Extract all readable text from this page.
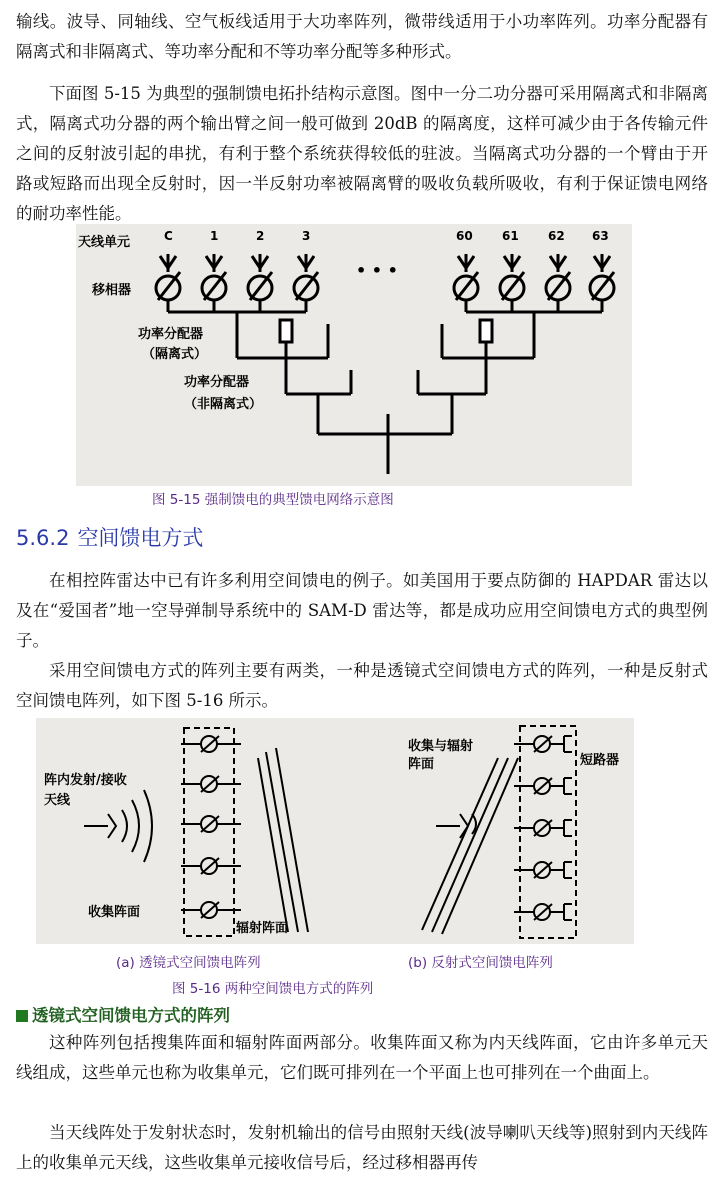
输线。波导、同轴线、空气板线适用于大功率阵列，微带线适用于小功率阵列。功率分配器有隔离式和非隔离式、等功率分配和不等功率分配等多种形式。

下面图 5-15 为典型的强制馈电拓扑结构示意图。图中一分二功分器可采用隔离式和非隔离式，隔离式功分器的两个输出臂之间一般可做到 20dB 的隔离度，这样可减少由于各传输元件之间的反射波引起的串扰，有利于整个系统获得较低的驻波。当隔离式功分器的一个臂由于开路或短路而出现全反射时，因一半反射功率被隔离臂的吸收负载所吸收，有利于保证馈电网络的耐功率性能。

天线单元
移相器
功率分配器
（隔离式）
功率分配器
（非隔离式）
C	1	2	3	60 61 62 63
• • •
图 5-15 强制馈电的典型馈电网络示意图
5.6.2 空间馈电方式

在相控阵雷达中已有许多利用空间馈电的例子。如美国用于要点防御的 HAPDAR 雷达以及在“爱国者”地一空导弹制导系统中的 SAM-D 雷达等，都是成功应用空间馈电方式的典型例子。

采用空间馈电方式的阵列主要有两类，一种是透镜式空间馈电方式的阵列，一种是反射式空间馈电阵列，如下图 5-16 所示。

阵内发射/接收
天线
收集阵面
辐射阵面
收集与辐射
阵面	短路器
(a) 透镜式空间馈电阵列	(b) 反射式空间馈电阵列
图 5-16 两种空间馈电方式的阵列
透镜式空间馈电方式的阵列

这种阵列包括搜集阵面和辐射阵面两部分。收集阵面又称为内天线阵面，它由许多单元天线组成，这些单元也称为收集单元，它们既可排列在一个平面上也可排列在一个曲面上。

当天线阵处于发射状态时，发射机输出的信号由照射天线(波导喇叭天线等)照射到内天线阵上的收集单元天线，这些收集单元接收信号后，经过移相器再传
